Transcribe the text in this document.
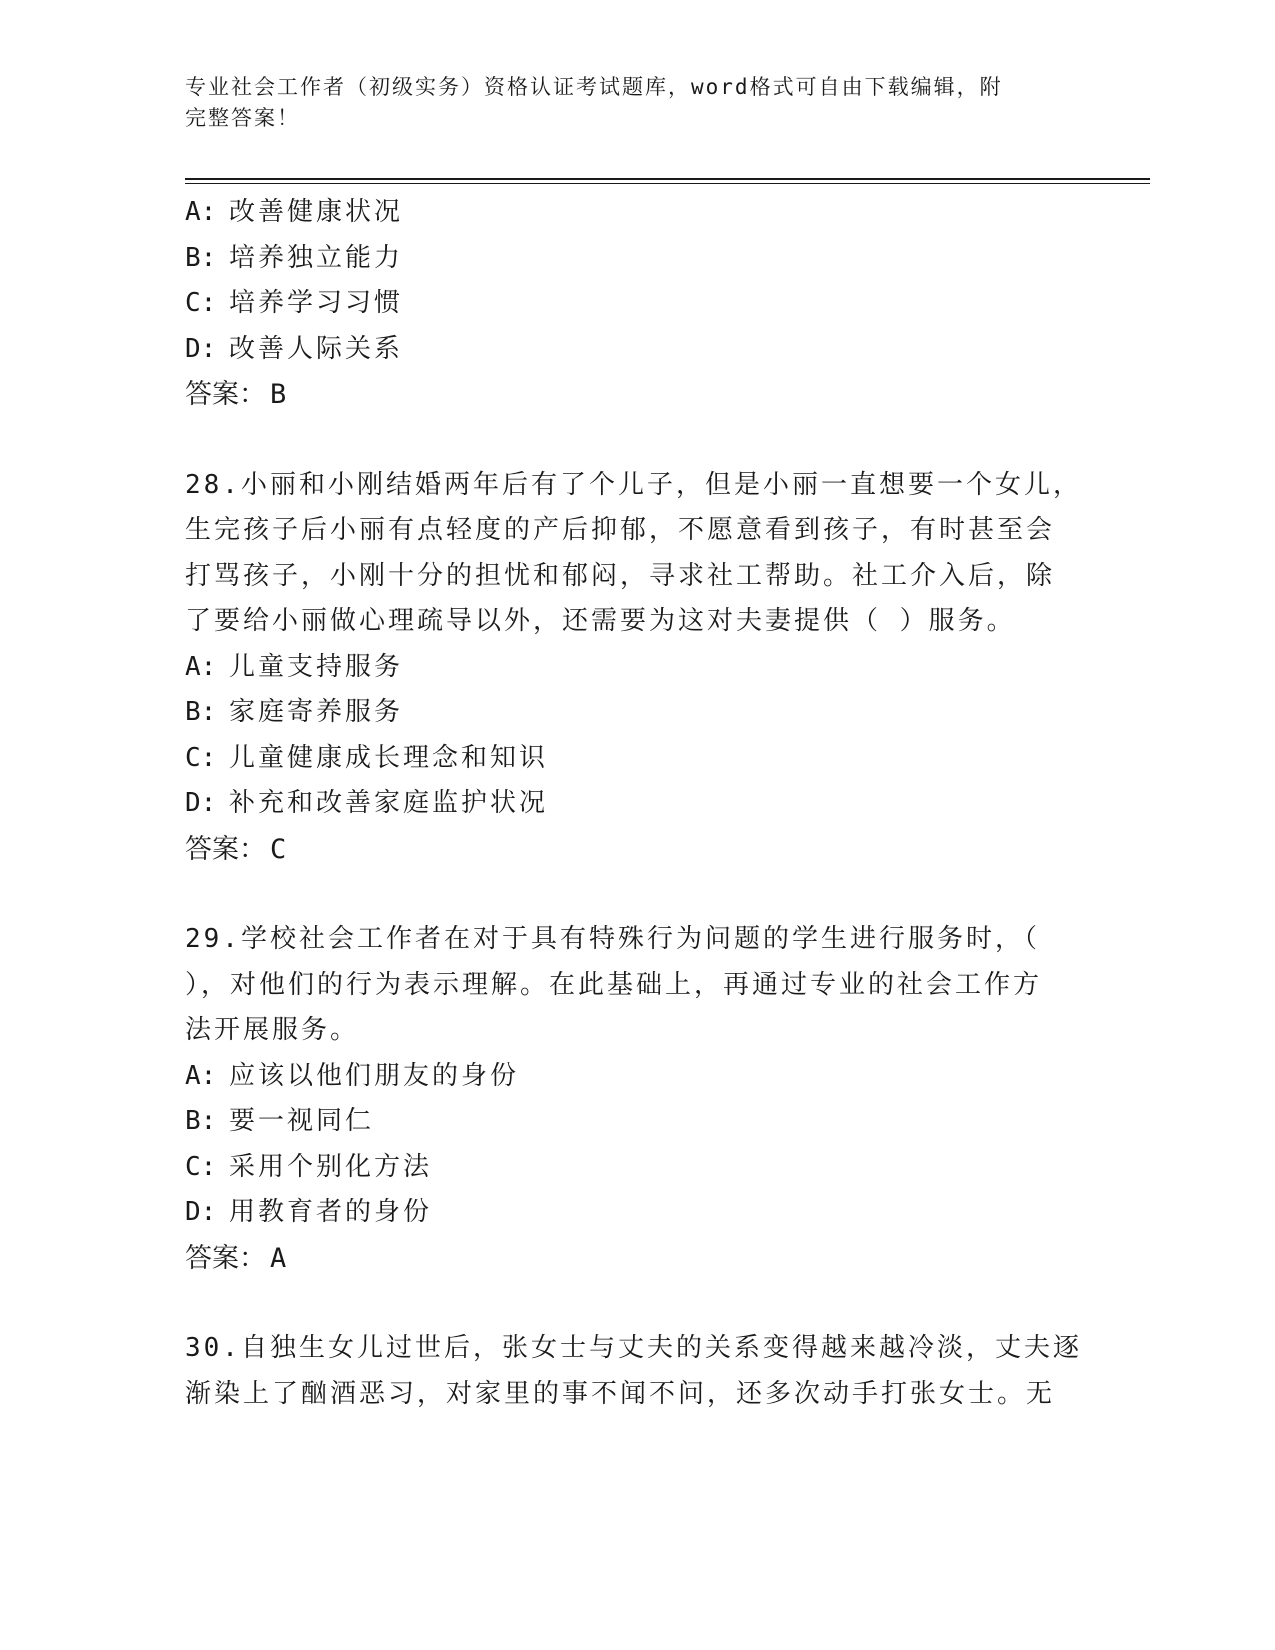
专业社会工作者（初级实务）资格认证考试题库，word格式可自由下载编辑，附
完整答案！
A: 改善健康状况
B: 培养独立能力
C: 培养学习习惯
D: 改善人际关系
答案： B
28.小丽和小刚结婚两年后有了个儿子，但是小丽一直想要一个女儿，
生完孩子后小丽有点轻度的产后抑郁，不愿意看到孩子，有时甚至会
打骂孩子，小刚十分的担忧和郁闷，寻求社工帮助。社工介入后，除
了要给小丽做心理疏导以外，还需要为这对夫妻提供（ ）服务。
A: 儿童支持服务
B: 家庭寄养服务
C: 儿童健康成长理念和知识
D: 补充和改善家庭监护状况
答案： C
29.学校社会工作者在对于具有特殊行为问题的学生进行服务时，（
），对他们的行为表示理解。在此基础上，再通过专业的社会工作方
法开展服务。
A: 应该以他们朋友的身份
B: 要一视同仁
C: 采用个别化方法
D: 用教育者的身份
答案： A
30.自独生女儿过世后，张女士与丈夫的关系变得越来越冷淡，丈夫逐
渐染上了酗酒恶习，对家里的事不闻不问，还多次动手打张女士。无
